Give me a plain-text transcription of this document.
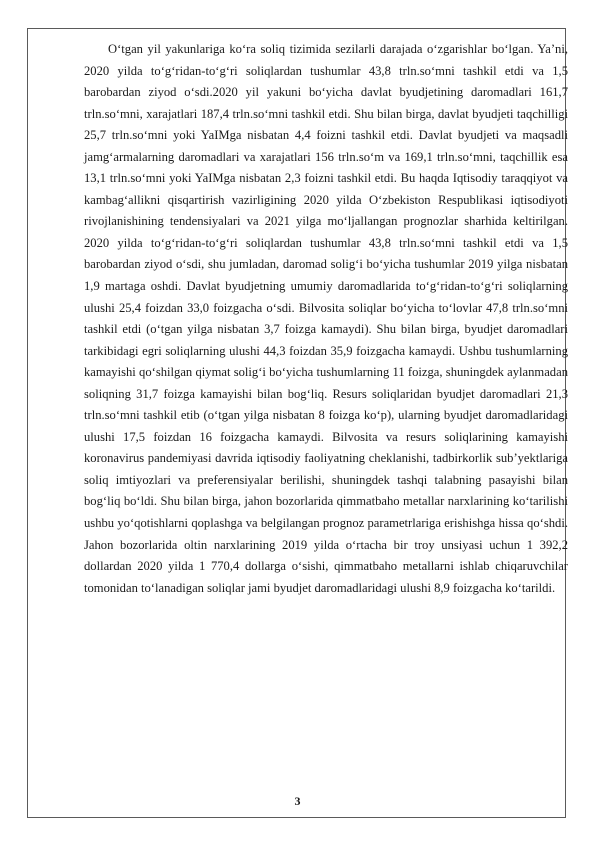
O‘tgan yil yakunlariga ko‘ra soliq tizimida sezilarli darajada o‘zgarishlar bo‘lgan. Ya’ni, 2020 yilda to‘g‘ridan-to‘g‘ri soliqlardan tushumlar 43,8 trln.so‘mni tashkil etdi va 1,5 barobardan ziyod o‘sdi.2020 yil yakuni bo‘yicha davlat byudjetining daromadlari 161,7 trln.so‘mni, xarajatlari 187,4 trln.so‘mni tashkil etdi. Shu bilan birga, davlat byudjeti taqchilligi 25,7 trln.so‘mni yoki YaIMga nisbatan 4,4 foizni tashkil etdi. Davlat byudjeti va maqsadli jamg‘armalarning daromadlari va xarajatlari 156 trln.so‘m va 169,1 trln.so‘mni, taqchillik esa 13,1 trln.so‘mni yoki YaIMga nisbatan 2,3 foizni tashkil etdi. Bu haqda Iqtisodiy taraqqiyot va kambag‘allikni qisqartirish vazirligining 2020 yilda O‘zbekiston Respublikasi iqtisodiyoti rivojlanishining tendensiyalari va 2021 yilga mo‘ljallangan prognozlar sharhida keltirilgan. 2020 yilda to‘g‘ridan-to‘g‘ri soliqlardan tushumlar 43,8 trln.so‘mni tashkil etdi va 1,5 barobardan ziyod o‘sdi, shu jumladan, daromad solig‘i bo‘yicha tushumlar 2019 yilga nisbatan 1,9 martaga oshdi. Davlat byudjetning umumiy daromadlarida to‘g‘ridan-to‘g‘ri soliqlarning ulushi 25,4 foizdan 33,0 foizgacha o‘sdi. Bilvosita soliqlar bo‘yicha to‘lovlar 47,8 trln.so‘mni tashkil etdi (o‘tgan yilga nisbatan 3,7 foizga kamaydi). Shu bilan birga, byudjet daromadlari tarkibidagi egri soliqlarning ulushi 44,3 foizdan 35,9 foizgacha kamaydi. Ushbu tushumlarning kamayishi qo‘shilgan qiymat solig‘i bo‘yicha tushumlarning 11 foizga, shuningdek aylanmadan soliqning 31,7 foizga kamayishi bilan bog‘liq. Resurs soliqlaridan byudjet daromadlari 21,3 trln.so‘mni tashkil etib (o‘tgan yilga nisbatan 8 foizga ko‘p), ularning byudjet daromadlaridagi ulushi 17,5 foizdan 16 foizgacha kamaydi. Bilvosita va resurs soliqlarining kamayishi koronavirus pandemiyasi davrida iqtisodiy faoliyatning cheklanishi, tadbirkorlik sub’yektlariga soliq imtiyozlari va preferensiyalar berilishi, shuningdek tashqi talabning pasayishi bilan bog‘liq bo‘ldi. Shu bilan birga, jahon bozorlarida qimmatbaho metallar narxlarining ko‘tarilishi ushbu yo‘qotishlarni qoplashga va belgilangan prognoz parametrlariga erishishga hissa qo‘shdi. Jahon bozorlarida oltin narxlarining 2019 yilda o‘rtacha bir troy unsiyasi uchun 1 392,2 dollardan 2020 yilda 1 770,4 dollarga o‘sishi, qimmatbaho metallarni ishlab chiqaruvchilar tomonidan to‘lanadigan soliqlar jami byudjet daromadlaridagi ulushi 8,9 foizgacha ko‘tarildi.

3
